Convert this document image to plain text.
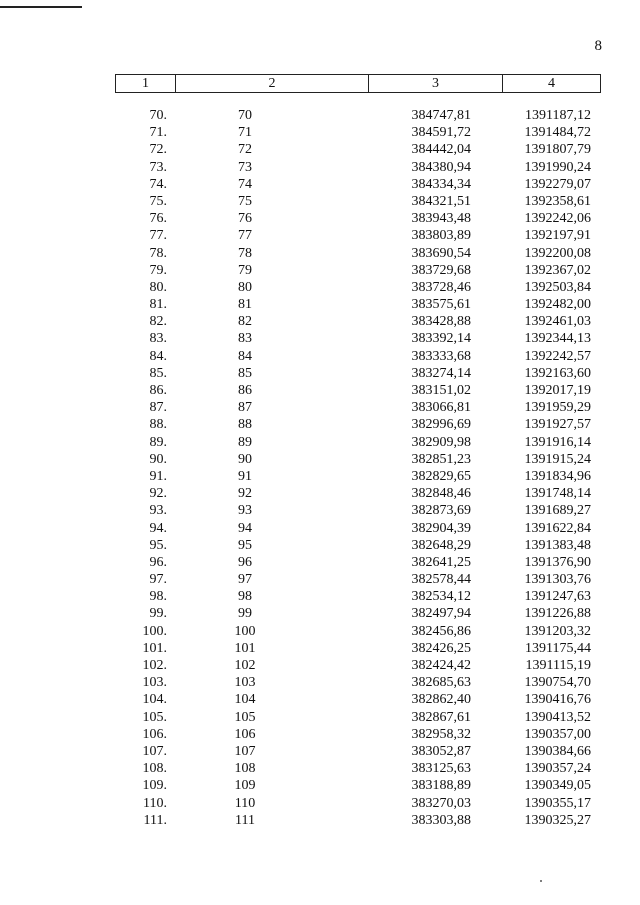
8
1	2	3	4
70.	70	384747,81	1391187,12
71.	71	384591,72	1391484,72
72.	72	384442,04	1391807,79
73.	73	384380,94	1391990,24
74.	74	384334,34	1392279,07
75.	75	384321,51	1392358,61
76.	76	383943,48	1392242,06
77.	77	383803,89	1392197,91
78.	78	383690,54	1392200,08
79.	79	383729,68	1392367,02
80.	80	383728,46	1392503,84
81.	81	383575,61	1392482,00
82.	82	383428,88	1392461,03
83.	83	383392,14	1392344,13
84.	84	383333,68	1392242,57
85.	85	383274,14	1392163,60
86.	86	383151,02	1392017,19
87.	87	383066,81	1391959,29
88.	88	382996,69	1391927,57
89.	89	382909,98	1391916,14
90.	90	382851,23	1391915,24
91.	91	382829,65	1391834,96
92.	92	382848,46	1391748,14
93.	93	382873,69	1391689,27
94.	94	382904,39	1391622,84
95.	95	382648,29	1391383,48
96.	96	382641,25	1391376,90
97.	97	382578,44	1391303,76
98.	98	382534,12	1391247,63
99.	99	382497,94	1391226,88
100.	100	382456,86	1391203,32
101.	101	382426,25	1391175,44
102.	102	382424,42	1391115,19
103.	103	382685,63	1390754,70
104.	104	382862,40	1390416,76
105.	105	382867,61	1390413,52
106.	106	382958,32	1390357,00
107.	107	383052,87	1390384,66
108.	108	383125,63	1390357,24
109.	109	383188,89	1390349,05
110.	110	383270,03	1390355,17
111.	111	383303,88	1390325,27
